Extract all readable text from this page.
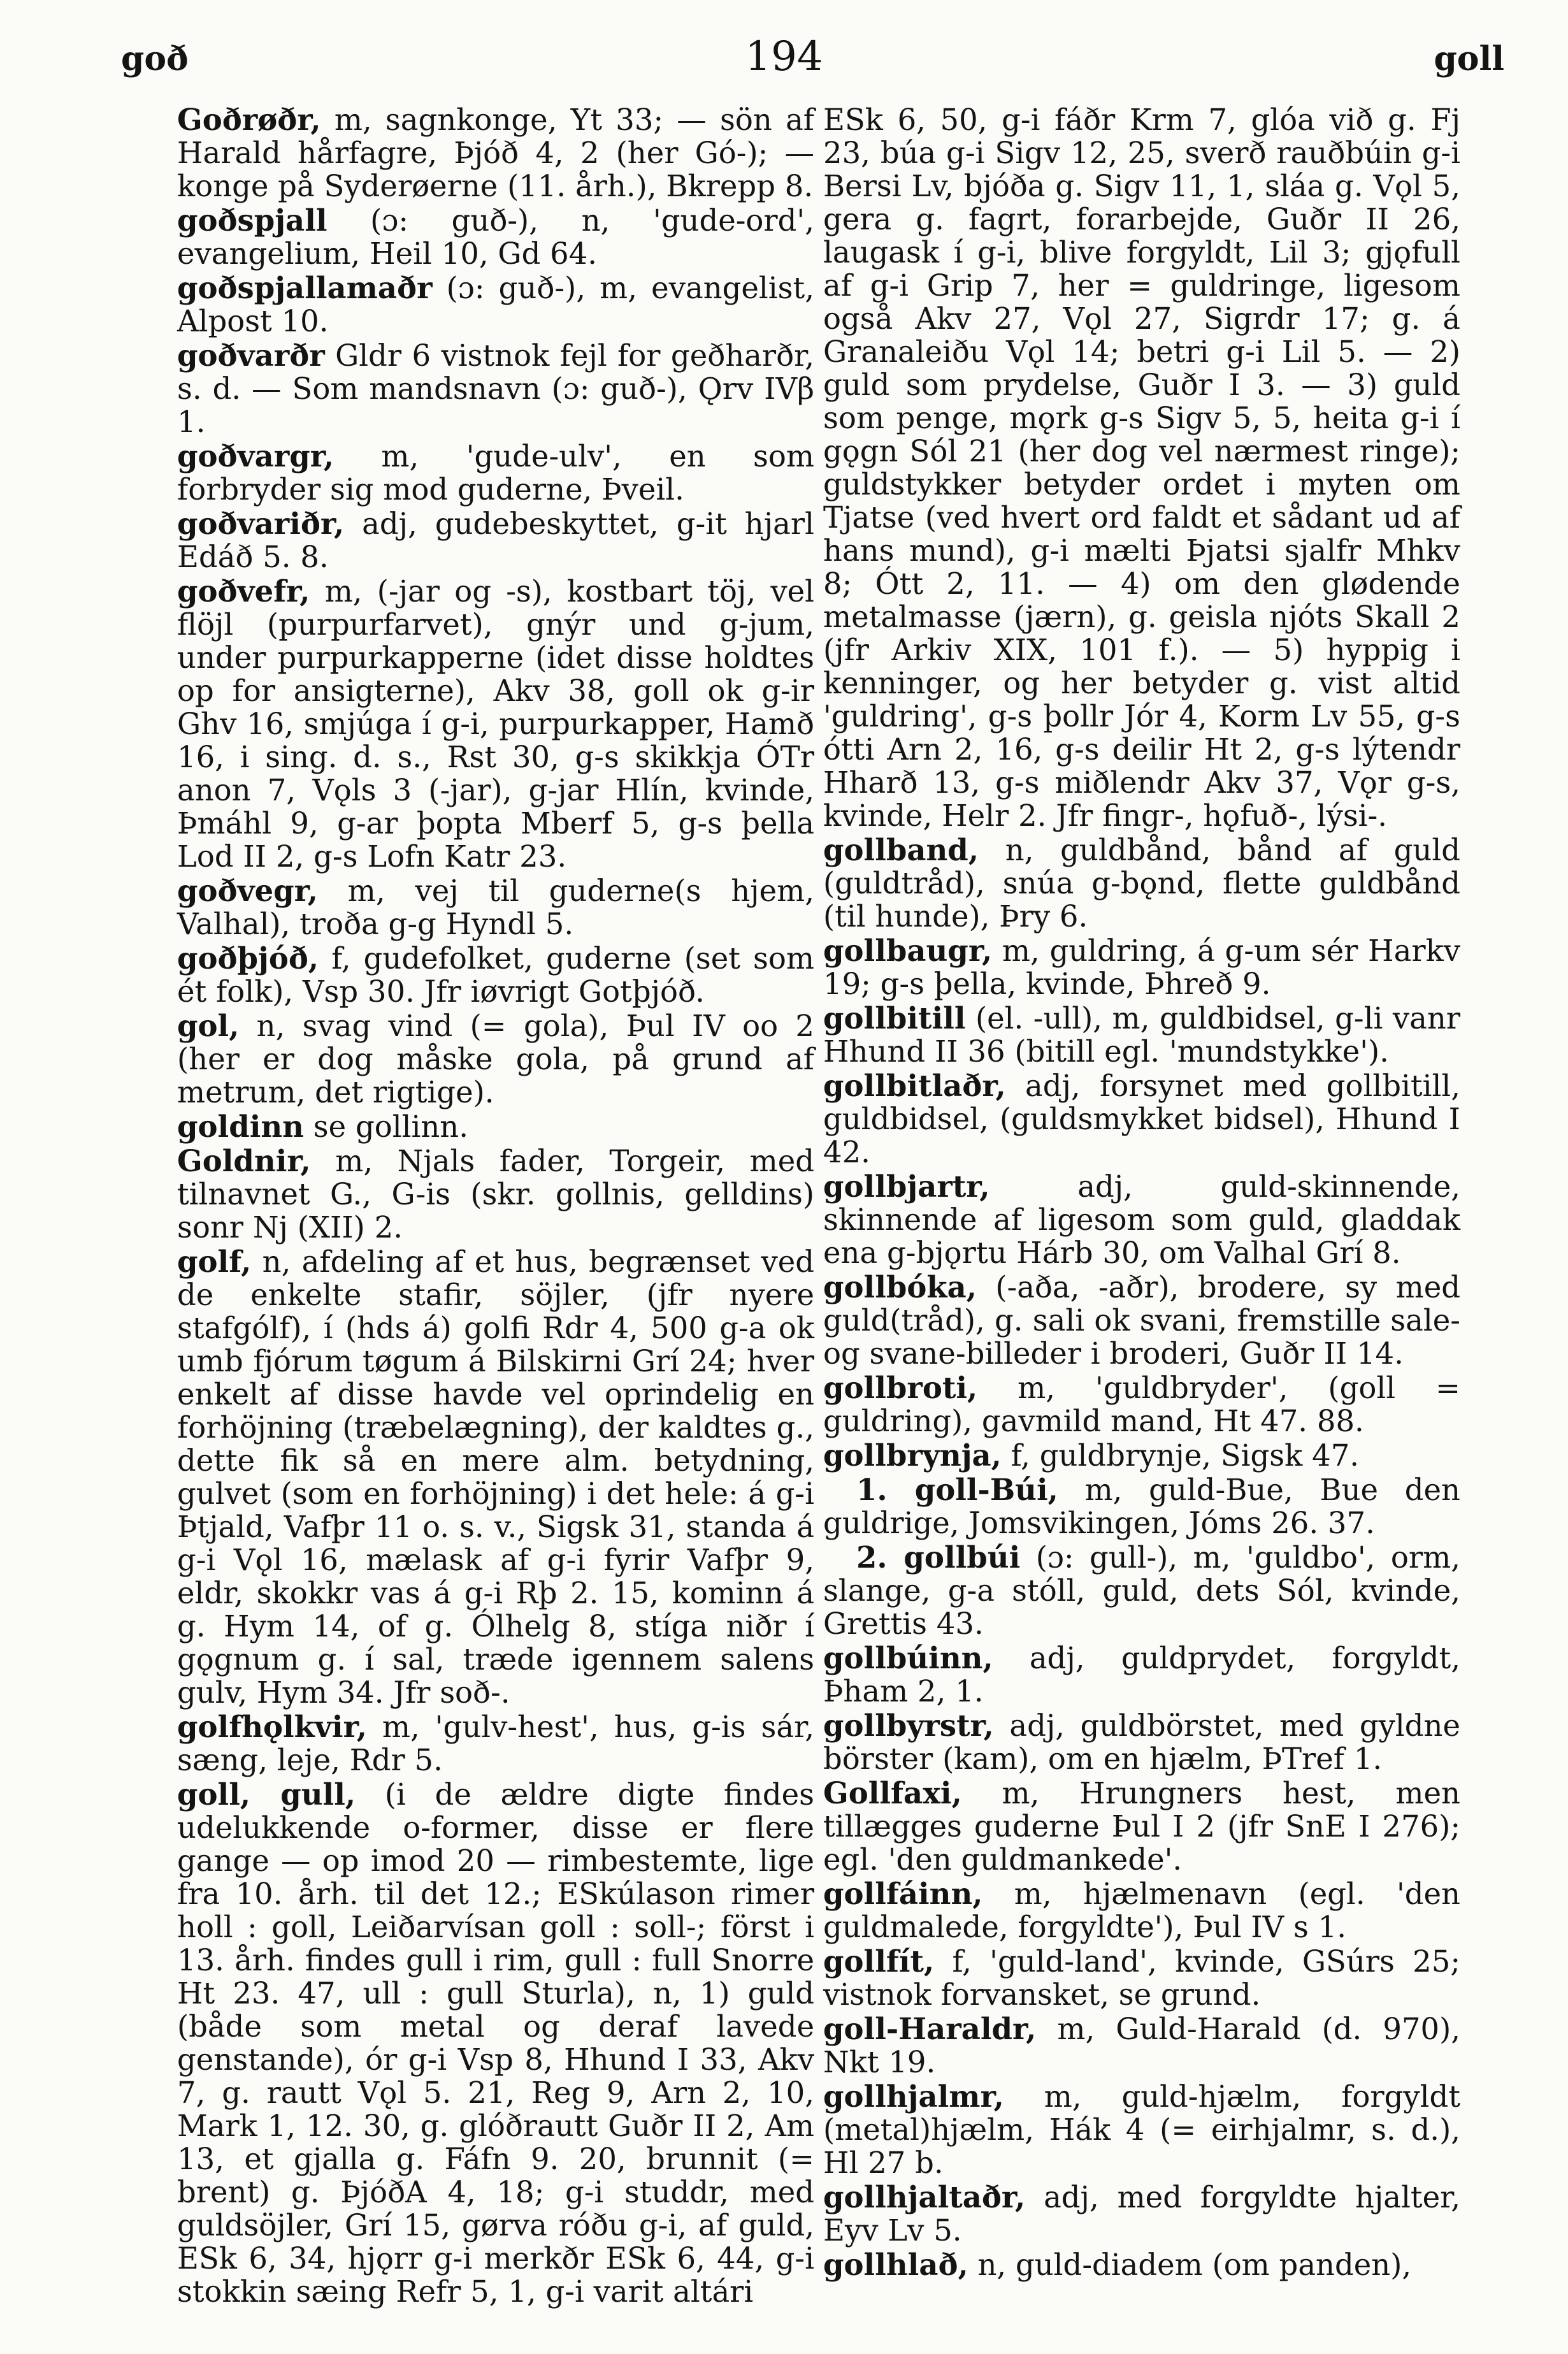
goð	194	goll

Goðrøðr, m, sagnkonge, Yt 33; — sön af Harald hårfagre, Þjóð 4, 2 (her Gó-); — konge på Syderøerne (11. årh.), Bkrepp 8.

goðspjall (ɔ: guð-), n, 'gude-ord', evangelium, Heil 10, Gd 64.

goðspjallamaðr (ɔ: guð-), m, evangelist, Alpost 10.

goðvarðr Gldr 6 vistnok fejl for geðharðr, s. d. — Som mandsnavn (ɔ: guð-), Ǫrv IVβ 1.

goðvargr, m, 'gude-ulv', en som forbryder sig mod guderne, Þveil.

goðvariðr, adj, gudebeskyttet, g-it hjarl Edáð 5. 8.

goðvefr, m, (-jar og -s), kostbart töj, vel flöjl (purpurfarvet), gnýr und g-jum, under purpurkapperne (idet disse holdtes op for ansigterne), Akv 38, goll ok g-ir Ghv 16, smjúga í g-i, purpurkapper, Hamð 16, i sing. d. s., Rst 30, g-s skikkja ÓTr anon 7, Vǫls 3 (-jar), g-jar Hlín, kvinde, Þmáhl 9, g-ar þopta Mberf 5, g-s þella Lod II 2, g-s Lofn Katr 23.

goðvegr, m, vej til guderne(s hjem, Valhal), troða g-g Hyndl 5.

goðþjóð, f, gudefolket, guderne (set som ét folk), Vsp 30. Jfr iøvrigt Gotþjóð.

gol, n, svag vind (= gola), Þul IV oo 2 (her er dog måske gola, på grund af metrum, det rigtige).

goldinn se gollinn.

Goldnir, m, Njals fader, Torgeir, med tilnavnet G., G-is (skr. gollnis, gelldins) sonr Nj (XII) 2.

golf, n, afdeling af et hus, begrænset ved de enkelte stafir, söjler, (jfr nyere stafgólf), í (hds á) golfi Rdr 4, 500 g-a ok umb fjórum tøgum á Bilskirni Grí 24; hver enkelt af disse havde vel oprindelig en forhöjning (træbelægning), der kaldtes g., dette fik så en mere alm. betydning, gulvet (som en forhöjning) i det hele: á g-i Þtjald, Vafþr 11 o. s. v., Sigsk 31, standa á g-i Vǫl 16, mælask af g-i fyrir Vafþr 9, eldr, skokkr vas á g-i Rþ 2. 15, kominn á g. Hym 14, of g. Ólhelg 8, stíga niðr í gǫgnum g. í sal, træde igennem salens gulv, Hym 34. Jfr soð-.

golfhǫlkvir, m, 'gulv-hest', hus, g-is sár, sæng, leje, Rdr 5.

goll, gull, (i de ældre digte findes udelukkende o-former, disse er flere gange — op imod 20 — rimbestemte, lige fra 10. årh. til det 12.; ESkúlason rimer holl : goll, Leiðarvísan goll : soll-; först i 13. årh. findes gull i rim, gull : full Snorre Ht 23. 47, ull : gull Sturla), n, 1) guld (både som metal og deraf lavede genstande), ór g-i Vsp 8, Hhund I 33, Akv 7, g. rautt Vǫl 5. 21, Reg 9, Arn 2, 10, Mark 1, 12. 30, g. glóðrautt Guðr II 2, Am 13, et gjalla g. Fáfn 9. 20, brunnit (= brent) g. ÞjóðA 4, 18; g-i studdr, med guldsöjler, Grí 15, gørva róðu g-i, af guld, ESk 6, 34, hjǫrr g-i merkðr ESk 6, 44, g-i stokkin sæing Refr 5, 1, g-i varit altári

ESk 6, 50, g-i fáðr Krm 7, glóa við g. Fj 23, búa g-i Sigv 12, 25, sverð rauðbúin g-i Bersi Lv, bjóða g. Sigv 11, 1, sláa g. Vǫl 5, gera g. fagrt, forarbejde, Guðr II 26, laugask í g-i, blive forgyldt, Lil 3; gjǫfull af g-i Grip 7, her = guldringe, ligesom også Akv 27, Vǫl 27, Sigrdr 17; g. á Granaleiðu Vǫl 14; betri g-i Lil 5. — 2) guld som prydelse, Guðr I 3. — 3) guld som penge, mǫrk g-s Sigv 5, 5, heita g-i í gǫgn Sól 21 (her dog vel nærmest ringe); guldstykker betyder ordet i myten om Tjatse (ved hvert ord faldt et sådant ud af hans mund), g-i mælti Þjatsi sjalfr Mhkv 8; Ótt 2, 11. — 4) om den glødende metalmasse (jærn), g. geisla njóts Skall 2 (jfr Arkiv XIX, 101 f.). — 5) hyppig i kenninger, og her betyder g. vist altid 'guldring', g-s þollr Jór 4, Korm Lv 55, g-s ótti Arn 2, 16, g-s deilir Ht 2, g-s lýtendr Hharð 13, g-s miðlendr Akv 37, Vǫr g-s, kvinde, Helr 2. Jfr fingr-, hǫfuð-, lýsi-.

gollband, n, guldbånd, bånd af guld (guldtråd), snúa g-bǫnd, flette guldbånd (til hunde), Þry 6.

gollbaugr, m, guldring, á g-um sér Harkv 19; g-s þella, kvinde, Þhreð 9.

gollbitill (el. -ull), m, guldbidsel, g-li vanr Hhund II 36 (bitill egl. 'mundstykke').

gollbitlaðr, adj, forsynet med gollbitill, guldbidsel, (guldsmykket bidsel), Hhund I 42.

gollbjartr,	adj, guld-skinnende, skinnende af ligesom som guld, gladdak ena g-bjǫrtu Hárb 30, om Valhal Grí 8.

gollbóka, (-aða, -aðr), brodere, sy med guld(tråd), g. sali ok svani, fremstille sale- og svane-billeder i broderi, Guðr II 14.

gollbroti, m, 'guldbryder', (goll = guldring), gavmild mand, Ht 47. 88.

gollbrynja, f, guldbrynje, Sigsk 47.

1. goll-Búi, m, guld-Bue, Bue den guldrige, Jomsvikingen, Jóms 26. 37.

2. gollbúi (ɔ: gull-), m, 'guldbo', orm, slange, g-a stóll, guld, dets Sól, kvinde, Grettis 43.

gollbúinn, adj, guldprydet, forgyldt, Þham 2, 1.

gollbyrstr, adj, guldbörstet, med gyldne börster (kam), om en hjælm, ÞTref 1.

Gollfaxi, m, Hrungners hest, men tillægges guderne Þul I 2 (jfr SnE I 276); egl. 'den guldmankede'.

gollfáinn, m, hjælmenavn (egl. 'den guldmalede, forgyldte'), Þul IV s 1.

gollfít, f, 'guld-land', kvinde, GSúrs 25; vistnok forvansket, se grund.

goll-Haraldr, m, Guld-Harald (d. 970), Nkt 19.

gollhjalmr, m, guld-hjælm, forgyldt (metal)hjælm, Hák 4 (= eirhjalmr, s. d.), Hl 27 b.

gollhjaltaðr, adj, med forgyldte hjalter, Eyv Lv 5.

gollhlað, n, guld-diadem (om panden),
